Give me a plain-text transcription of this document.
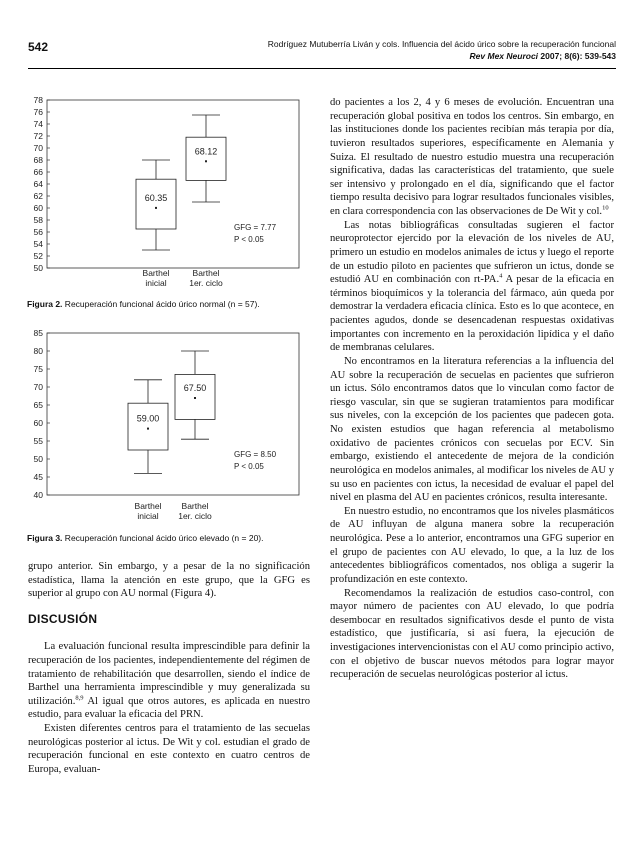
542	Rodríguez Mutuberría Liván y cols. Influencia del ácido úrico sobre la recuperación funcional
Rev Mex Neuroci 2007; 8(6): 539-543
50
52
54
56
58
60
62
64
66
68
70
72
74
76
78
60.35
Barthel
inicial
68.12
Barthel
1er. ciclo
GFG = 7.77
P < 0.05
Figura 2. Recuperación funcional ácido úrico normal (n = 57).
40
45
50
55
60
65
70
75
80
85
59.00
Barthel
inicial
67.50
Barthel
1er. ciclo
GFG = 8.50
P < 0.05
Figura 3. Recuperación funcional ácido úrico elevado (n = 20).

grupo anterior. Sin embargo, y a pesar de la no significación estadística, llama la atención en este grupo, que la GFG es superior al grupo con AU normal (Figura 4).

DISCUSIÓN

La evaluación funcional resulta imprescindible para definir la recuperación de los pacientes, independientemente del régimen de tratamiento de rehabilitación que desarrollen, siendo el índice de Barthel una herramienta imprescindible y muy generalizada su utilización.$^{8,9}$ Al igual que otros autores, es aplicada en nuestro estudio, para evaluar la eficacia del PRN.

Existen diferentes centros para el tratamiento de las secuelas neurológicas posterior al ictus. De Wit y col. estudian el grado de recuperación funcional en este contexto en cuatro centros de Europa, evaluan-

do pacientes a los 2, 4 y 6 meses de evolución. Encuentran una recuperación global positiva en todos los centros. Sin embargo, en las instituciones donde los pacientes recibían más terapia por día, tuvieron resultados superiores, específicamente en Alemania y Suiza. El resultado de nuestro estudio muestra una recuperación significativa, dadas las características del tratamiento, que suele ser intensivo y prolongado en el día, significando que el factor tiempo resulta decisivo para lograr resultados funcionales visibles, en clara correspondencia con las observaciones de De Wit y col.$^{10}$

Las notas bibliográficas consultadas sugieren el factor neuroprotector ejercido por la elevación de los niveles de AU, primero un estudio en modelos animales de ictus y luego el reporte de un estudio piloto en pacientes que sufrieron un ictus, donde se estudió AU en combinación con rt-PA.$^4$ A pesar de la eficacia en términos bioquímicos y la tolerancia del fármaco, aún queda por demostrar la verdadera eficacia clínica. Esto es lo que acontece, en pacientes agudos, donde se desencadenan respuestas oxidativas importantes con incremento en la peroxidación lipídica y el daño de membranas celulares.

No encontramos en la literatura referencias a la influencia del AU sobre la recuperación de secuelas en pacientes que sufrieron un ictus. Sólo encontramos datos que lo vinculan como factor de riesgo vascular, sin que se sugieran tratamientos para modificar sus niveles, con la excepción de los pacientes que padecen gota. No existen estudios que hagan referencia al metabolismo oxidativo de pacientes crónicos con secuelas por ECV. Sin embargo, existiendo el antecedente de mejora de la condición neurológica en modelos animales, al modificar los niveles de AU y su uso en pacientes con ictus, la necesidad de evaluar el papel del nivel en plasma del AU en pacientes crónicos, resulta interesante.

En nuestro estudio, no encontramos que los niveles plasmáticos de AU influyan de alguna manera sobre la recuperación neurológica. Pese a lo anterior, encontramos una GFG superior en el grupo de pacientes con AU elevado, lo que, a la luz de los antecedentes bibliográficos comentados, nos obliga a sugerir la profundización en este contexto.

Recomendamos la realización de estudios caso-control, con mayor número de pacientes con AU elevado, lo que podría desembocar en resultados significativos desde el punto de vista estadístico, que justificaría, si así fuera, la ejecución de investigaciones intervencionistas con el AU como principio activo, con el objetivo de buscar nuevos métodos para lograr mayor recuperación de secuelas neurológicas posterior al ictus.
